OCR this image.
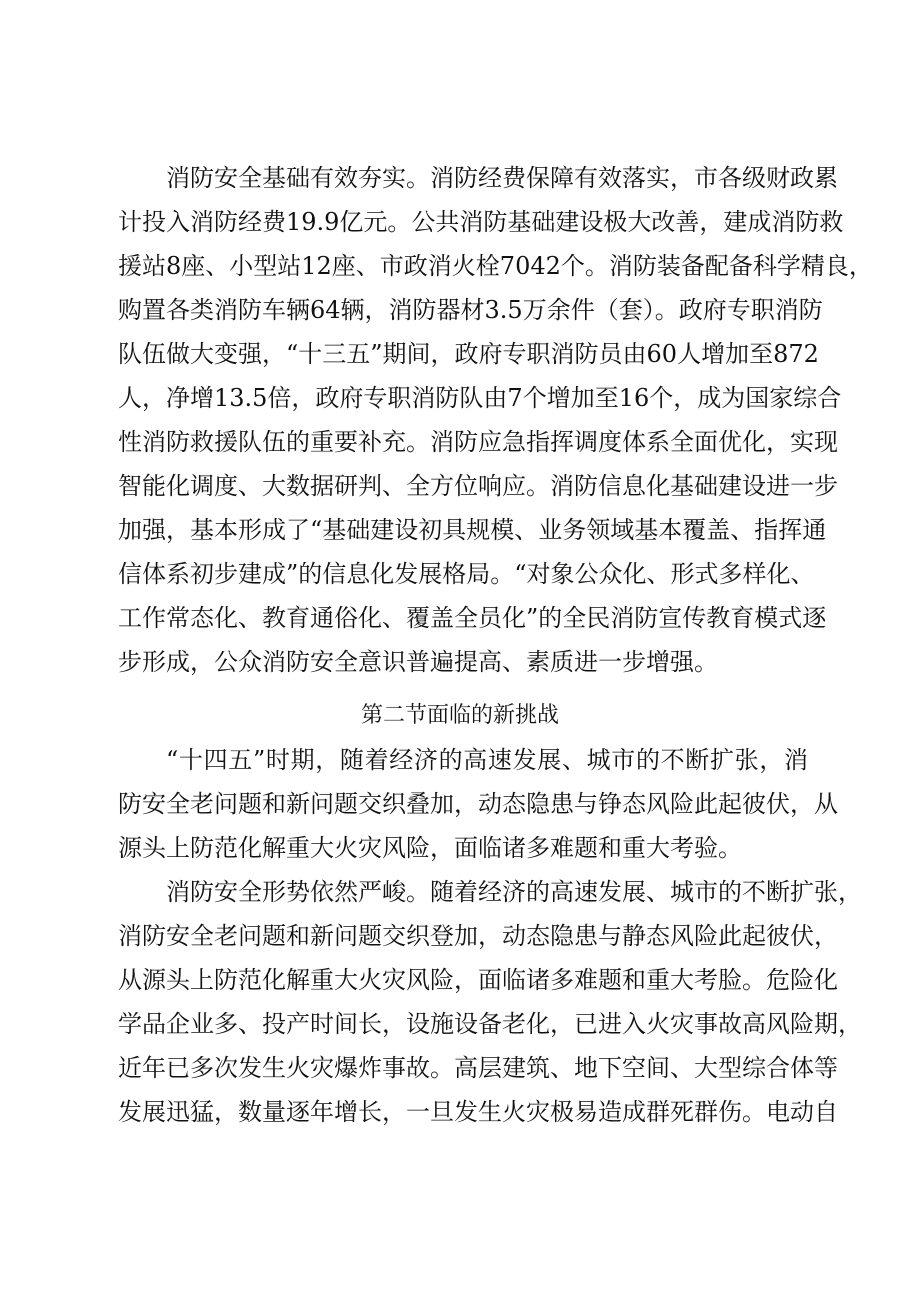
消防安全基础有效夯实。消防经费保障有效落实，市各级财政累
计投入消防经费19.9亿元。公共消防基础建设极大改善，建成消防救
援站8座、小型站12座、市政消火栓7042个。消防装备配备科学精良，
购置各类消防车辆64辆，消防器材3.5万余件（套）。政府专职消防
队伍做大变强，“十三五”期间，政府专职消防员由60人增加至872
人，净增13.5倍，政府专职消防队由7个增加至16个，成为国家综合
性消防救援队伍的重要补充。消防应急指挥调度体系全面优化，实现
智能化调度、大数据研判、全方位响应。消防信息化基础建设进一步
加强，基本形成了“基础建设初具规模、业务领域基本覆盖、指挥通
信体系初步建成”的信息化发展格局。“对象公众化、形式多样化、
工作常态化、教育通俗化、覆盖全员化”的全民消防宣传教育模式逐
步形成，公众消防安全意识普遍提高、素质进一步增强。
第二节面临的新挑战
“十四五”时期，随着经济的高速发展、城市的不断扩张，消
防安全老问题和新问题交织叠加，动态隐患与铮态风险此起彼伏，从
源头上防范化解重大火灾风险，面临诸多难题和重大考验。
消防安全形势依然严峻。随着经济的高速发展、城市的不断扩张，
消防安全老问题和新问题交织登加，动态隐患与静态风险此起彼伏，
从源头上防范化解重大火灾风险，面临诸多难题和重大考脸。危险化
学品企业多、投产时间长，设施设备老化，已进入火灾事故高风险期，
近年已多次发生火灾爆炸事故。高层建筑、地下空间、大型综合体等
发展迅猛，数量逐年增长，一旦发生火灾极易造成群死群伤。电动自
